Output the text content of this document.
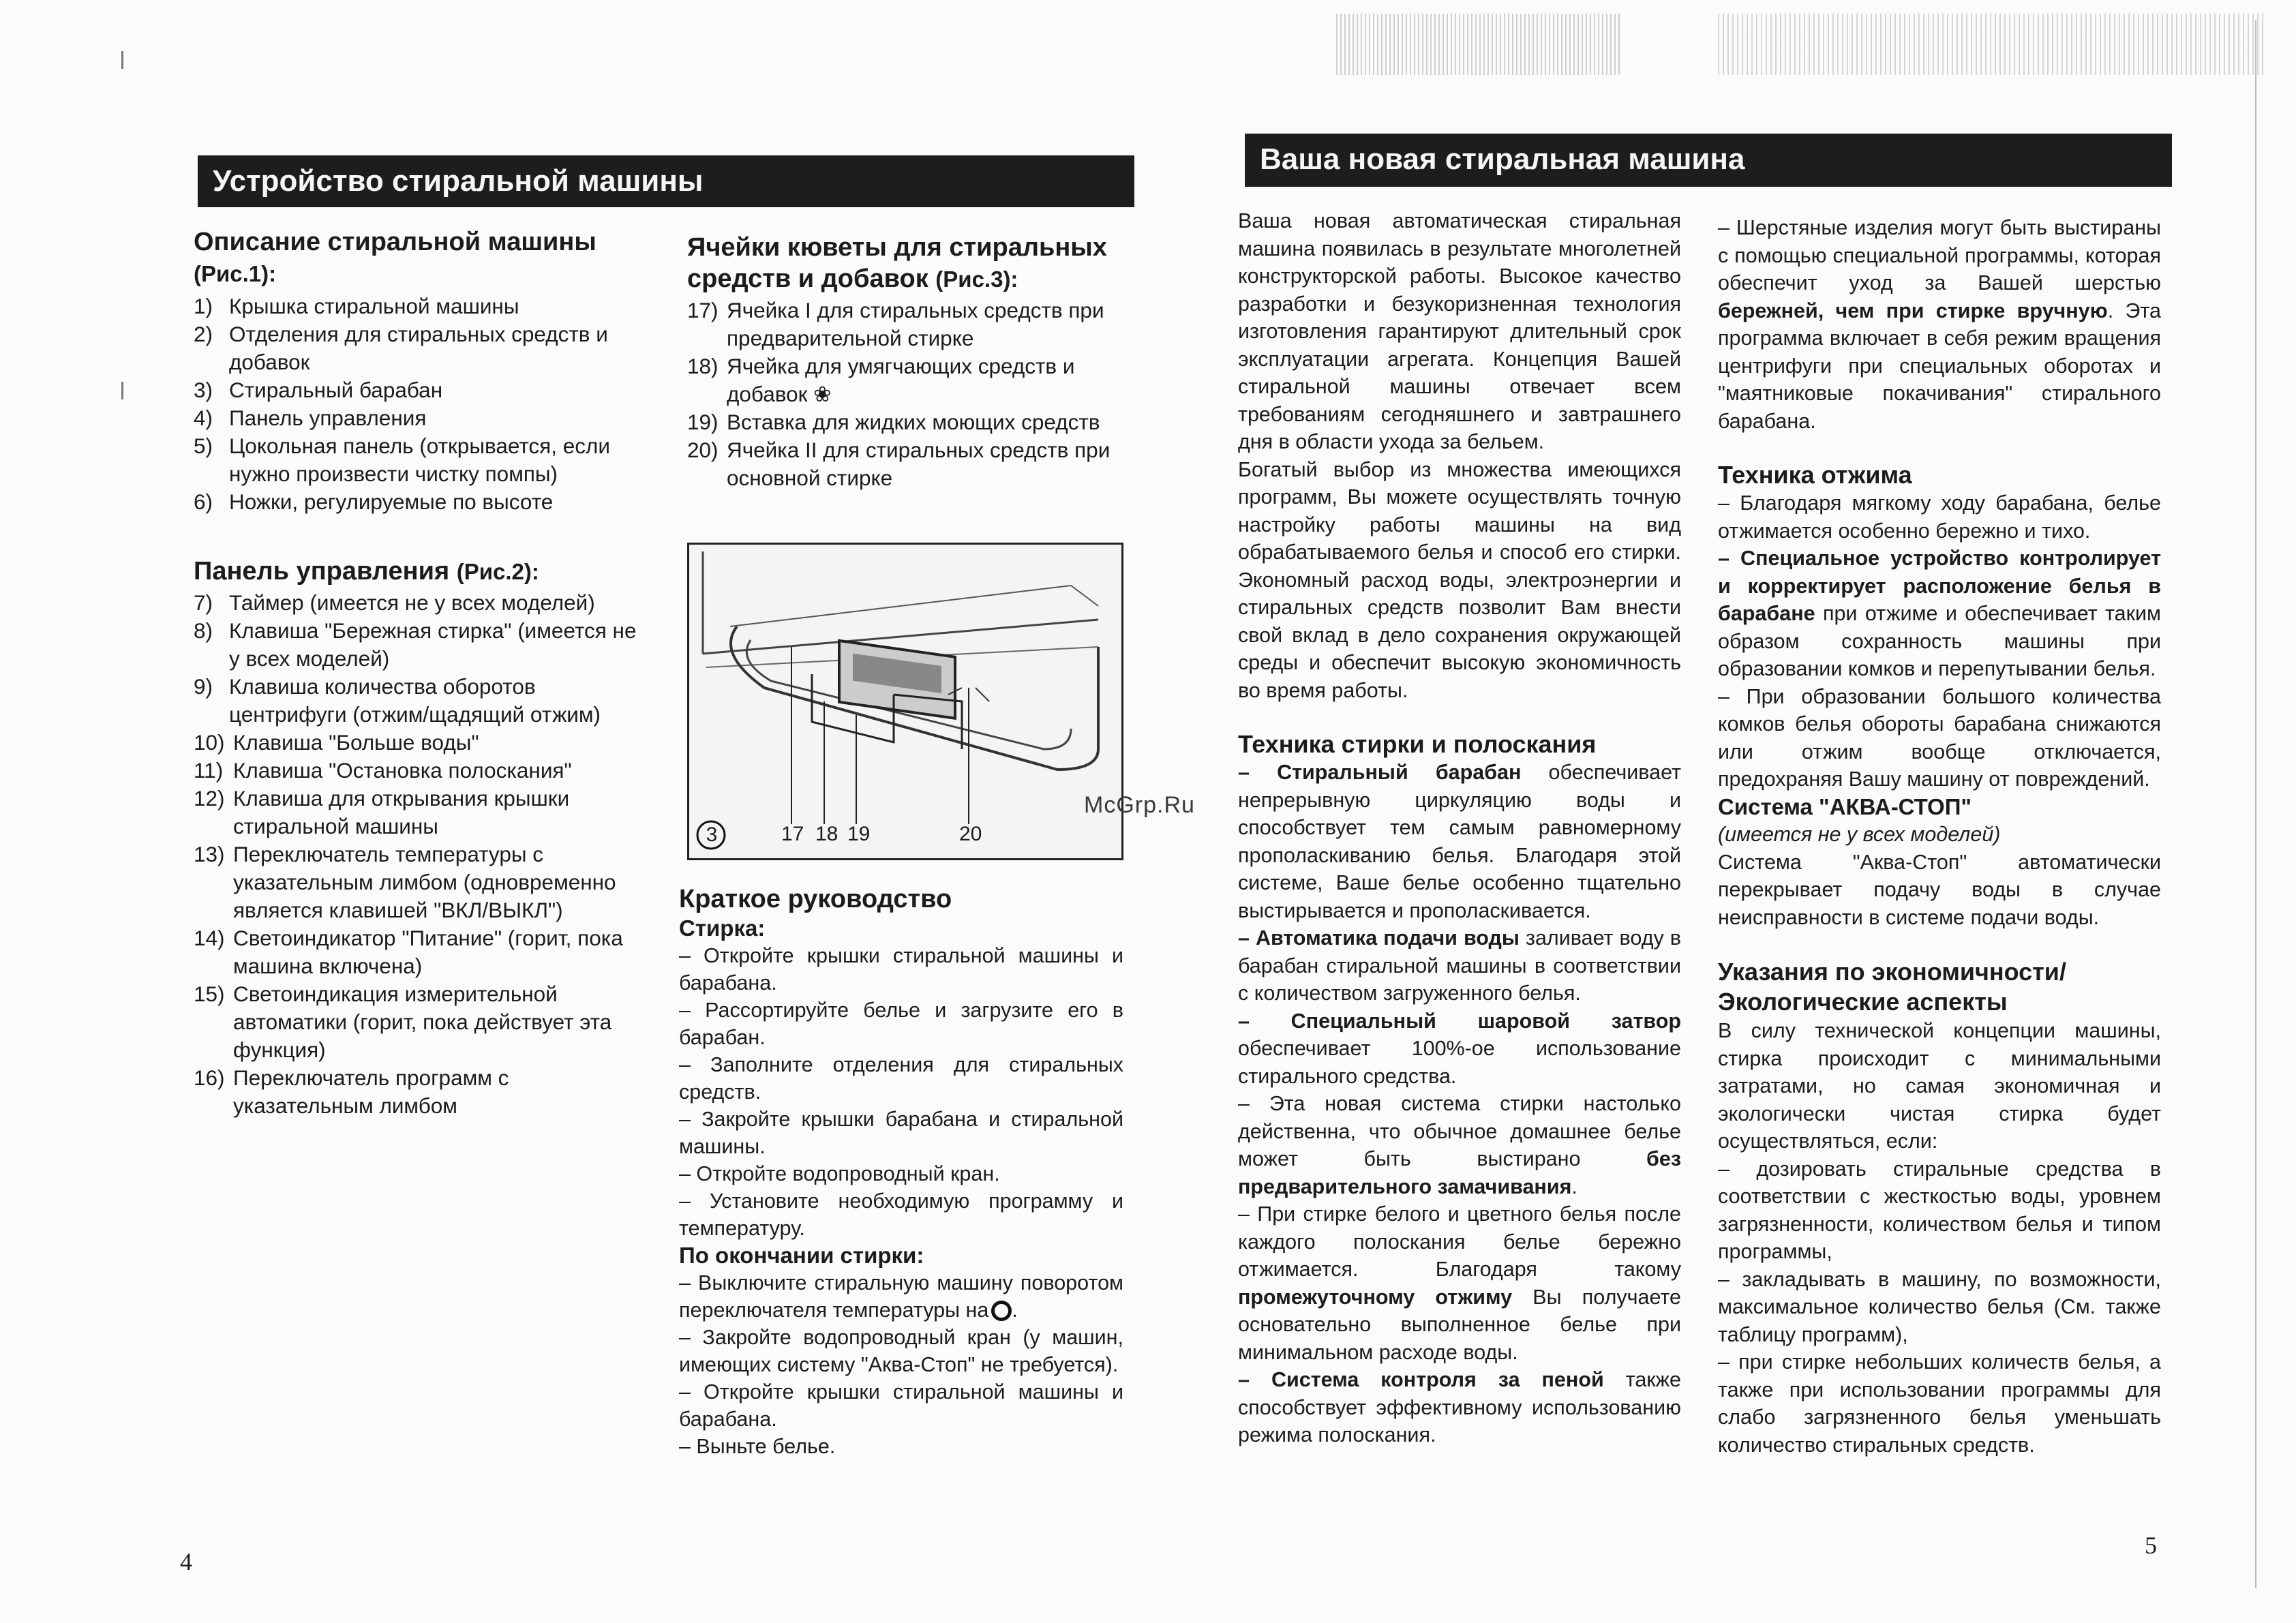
Устройство стиральной машины

Описание стиральной машины
(Рис.1):

1) Крышка стиральной машины
2) Отделения для стиральных средств и добавок
3) Стиральный барабан
4) Панель управления
5) Цокольная панель (открывается, если нужно произвести чистку помпы)
6) Ножки, регулируемые по высоте

Панель управления (Рис.2):

7) Таймер (имеется не у всех моделей)
8) Клавиша "Бережная стирка" (имеется не у всех моделей)
9) Клавиша количества оборотов центрифуги (отжим/щадящий отжим)
10) Клавиша "Больше воды"
11) Клавиша "Остановка полоскания"
12) Клавиша для открывания крышки стиральной машины
13) Переключатель температуры с указательным лимбом (одновременно является клавишей "ВКЛ/ВЫКЛ")
14) Светоиндикатор "Питание" (горит, пока машина включена)
15) Светоиндикация измерительной автоматики (горит, пока действует эта функция)
16) Переключатель программ с указательным лимбом

Ячейки кюветы для стиральных средств и добавок (Рис.3):

17) Ячейка I для стиральных средств при предварительной стирке
18) Ячейка для умягчающих средств и добавок ❀
19) Вставка для жидких моющих средств
20) Ячейка II для стиральных средств при основной стирке
3	17 18 19	20

Краткое руководство

Стирка:

– Откройте крышки стиральной машины и барабана.

– Рассортируйте белье и загрузите его в барабан.

– Заполните отделения для стиральных средств.

– Закройте крышки барабана и стиральной машины.

– Откройте водопроводный кран.

– Установите необходимую программу и температуру.

По окончании стирки:

– Выключите стиральную машину поворотом переключателя температуры на .

– Закройте водопроводный кран (у машин, имеющих систему "Аква-Стоп" не требуется).

– Откройте крышки стиральной машины и барабана.

– Выньте белье.

4
McGrp.Ru
Ваша новая стиральная машина

Ваша новая автоматическая стиральная машина появилась в результате многолетней конструкторской работы. Высокое качество разработки и безукоризненная технология изготовления гарантируют длительный срок эксплуатации агрегата. Концепция Вашей стиральной машины отвечает всем требованиям сегодняшнего и завтрашнего дня в области ухода за бельем.

Богатый выбор из множества имеющихся программ, Вы можете осуществлять точную настройку работы машины на вид обрабатываемого белья и способ его стирки. Экономный расход воды, электроэнергии и стиральных средств позволит Вам внести свой вклад в дело сохранения окружающей среды и обеспечит высокую экономичность во время работы.

Техника стирки и полоскания

– Стиральный барабан обеспечивает непрерывную циркуляцию воды и способствует тем самым равномерному прополаскиванию белья. Благодаря этой системе, Ваше белье особенно тщательно выстирывается и прополаскивается.

– Автоматика подачи воды заливает воду в барабан стиральной машины в соответствии с количеством загруженного белья.

– Специальный шаровой затвор обеспечивает 100%-ое использование стирального средства.

– Эта новая система стирки настолько действенна, что обычное домашнее белье может быть выстирано без предварительного замачивания.

– При стирке белого и цветного белья после каждого полоскания белье бережно отжимается. Благодаря такому промежуточному отжиму Вы получаете основательно выполненное белье при минимальном расходе воды.

– Система контроля за пеной также способствует эффективному использованию режима полоскания.

– Шерстяные изделия могут быть выстираны с помощью специальной программы, которая обеспечит уход за Вашей шерстью бережней, чем при стирке вручную. Эта программа включает в себя режим вращения центрифуги при специальных оборотах и "маятниковые покачивания" стирального барабана.

Техника отжима

– Благодаря мягкому ходу барабана, белье отжимается особенно бережно и тихо.

– Специальное устройство контролирует и корректирует расположение белья в барабане при отжиме и обеспечивает таким образом сохранность машины при образовании комков и перепутывании белья.

– При образовании большого количества комков белья обороты барабана снижаются или отжим вообще отключается, предохраняя Вашу машину от повреждений.

Система "АКВА-СТОП"
(имеется не у всех моделей)

Система "Аква-Стоп" автоматически перекрывает подачу воды в случае неисправности в системе подачи воды.

Указания по экономичности/
Экологические аспекты

В силу технической концепции машины, стирка происходит с минимальными затратами, но самая экономичная и экологически чистая стирка будет осуществляться, если:

– дозировать стиральные средства в соответствии с жесткостью воды, уровнем загрязненности, количеством белья и типом программы,

– закладывать в машину, по возможности, максимальное количество белья (См. также таблицу программ),

– при стирке небольших количеств белья, а также при использовании программы для слабо загрязненного белья уменьшать количество стиральных средств.

5
